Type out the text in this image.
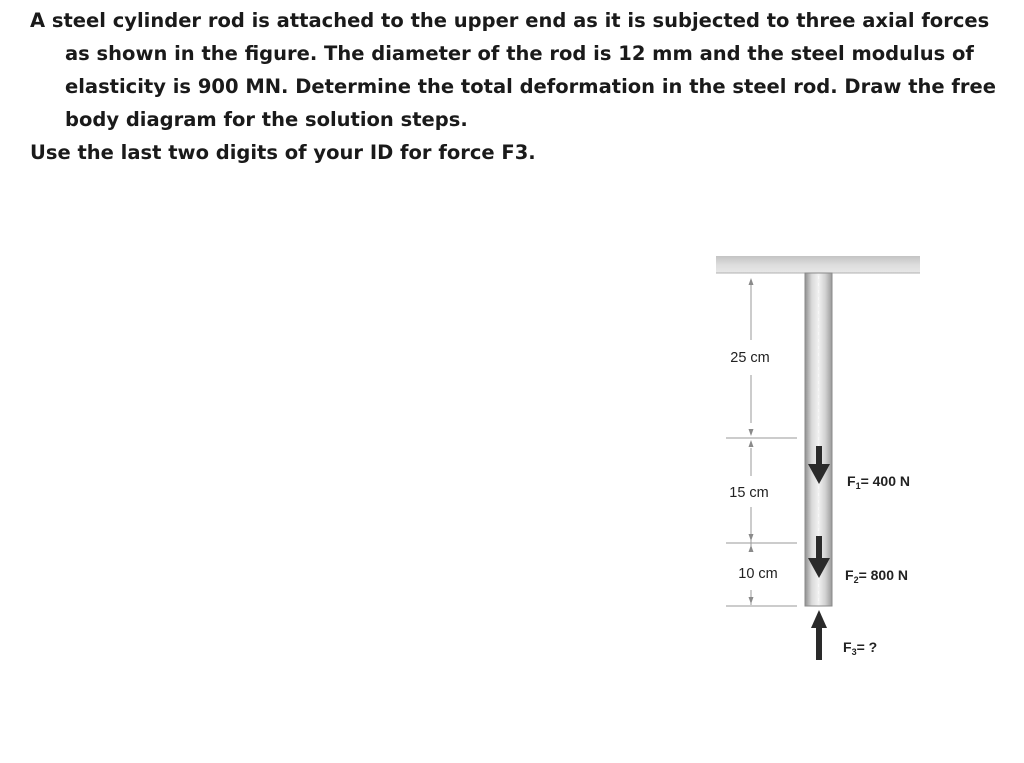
A steel cylinder rod is attached to the upper end as it is subjected to three axial forces as shown in the figure. The diameter of the rod is 12 mm and the steel modulus of elasticity is 900 MN. Determine the total deformation in the steel rod. Draw the free body diagram for the solution steps.

Use the last two digits of your ID for force F3.

25 cm
15 cm
10 cm
$F_1= 400$ N
$F_2= 800$ N
$F_3=$ ?
